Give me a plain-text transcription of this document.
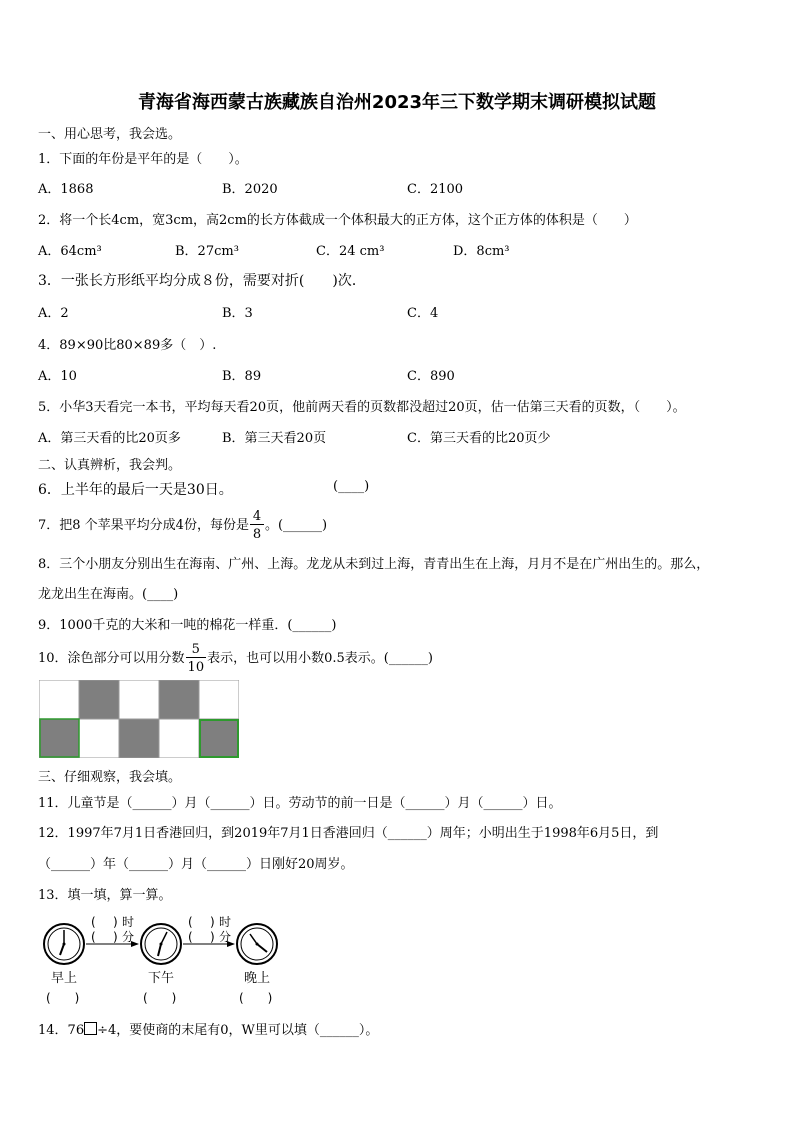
青海省海西蒙古族藏族自治州2023年三下数学期末调研模拟试题
一、用心思考，我会选。
1．下面的年份是平年的是（　　）。
A．1868	B．2020	C．2100
2．将一个长4cm，宽3cm，高2cm的长方体截成一个体积最大的正方体，这个正方体的体积是（　　）
A．64cm³	B．27cm³	C．24 cm³	D．8cm³
3．一张长方形纸平均分成８份，需要对折(　　)次．
A．2	B．3	C．4
4．89×90比80×89多（　）.
A．10	B．89	C．890
5．小华3天看完一本书，平均每天看20页，他前两天看的页数都没超过20页，估一估第三天看的页数，（　　）。
A．第三天看的比20页多	B．第三天看20页	C．第三天看的比20页少
二、认真辨析，我会判。
6．上半年的最后一天是30日。	(____)
7．把8 个苹果平均分成4份，每份是 $\frac{4}{8}$ 。(______)
8．三个小朋友分别出生在海南、广州、上海。龙龙从未到过上海，青青出生在上海，月月不是在广州出生的。那么，
龙龙出生在海南。(____)
9．1000千克的大米和一吨的棉花一样重．(______)
10．涂色部分可以用分数 $\frac{5}{10}$ 表示，也可以用小数0.5表示。(______)
三、仔细观察，我会填。
11．儿童节是（______）月（______）日。劳动节的前一日是（______）月（______）日。
12．1997年7月1日香港回归，到2019年7月1日香港回归（______）周年；小明出生于1998年6月5日，到
（______）年（______）月（______）日刚好20周岁。
13．填一填，算一算。
( ) 时
( ) 分
( ) 时
( ) 分
早上	下午	晚上
(　　)	(　　)	(　　)
14．76 ÷4，要使商的末尾有0，W里可以填（______）。
